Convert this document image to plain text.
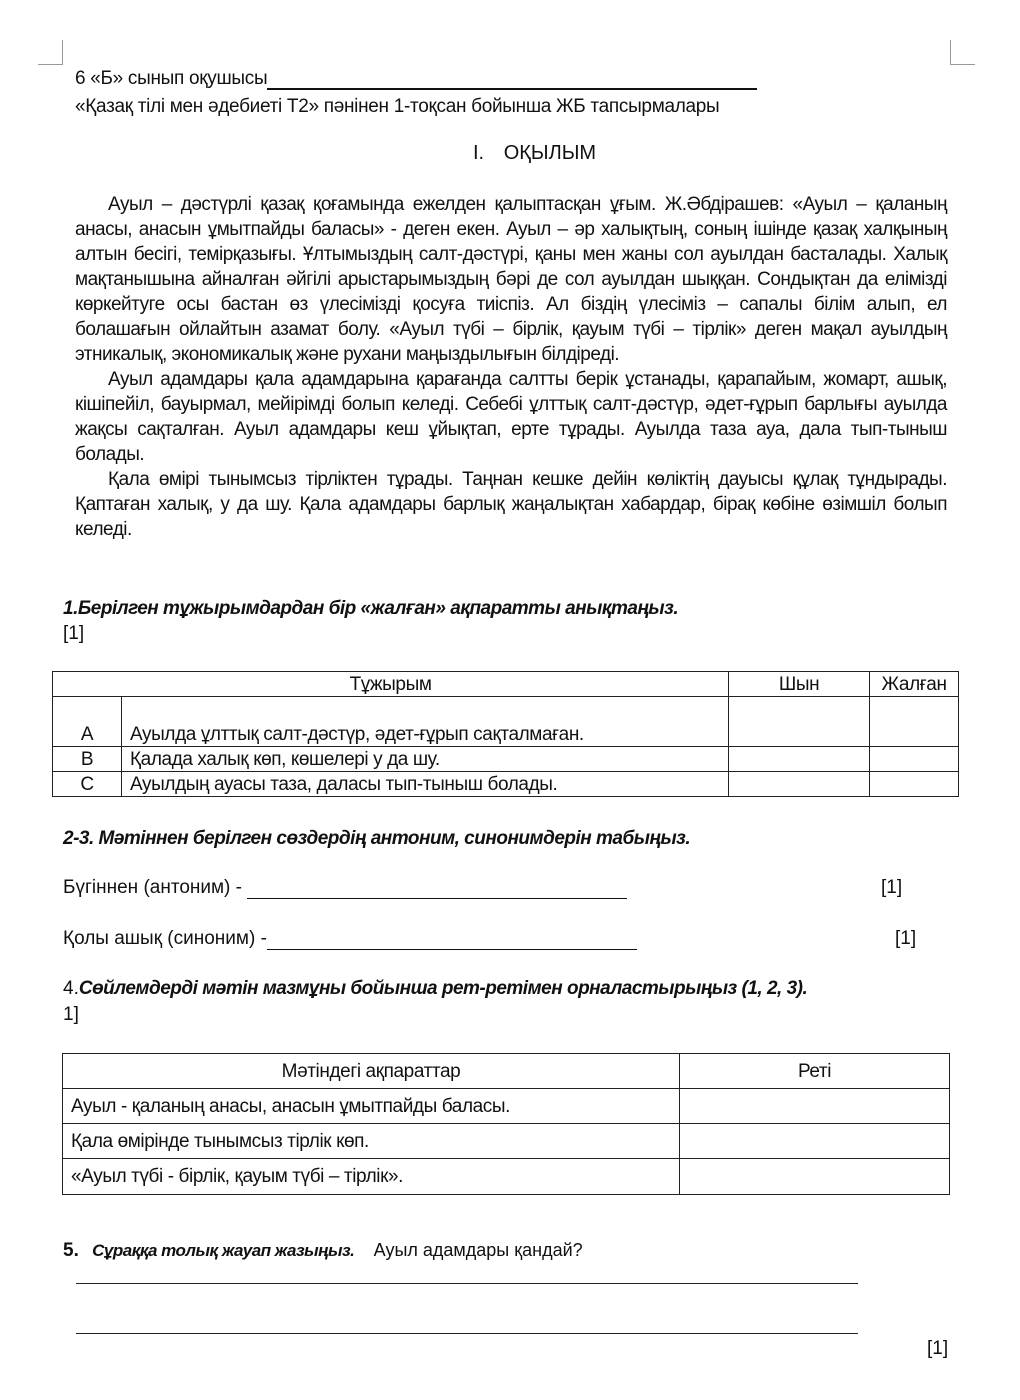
6 «Б» сынып оқушысы
«Қазақ тілі мен әдебиеті Т2» пәнінен 1-тоқсан бойынша ЖБ тапсырмалары
I. ОҚЫЛЫМ

Ауыл – дәстүрлі қазақ қоғамында ежелден қалыптасқан ұғым. Ж.Әбдірашев: «Ауыл – қаланың анасы, анасын ұмытпайды баласы» - деген екен. Ауыл – әр халықтың, соның ішінде қазақ халқының алтын бесігі, темірқазығы. Ұлтымыздың салт-дәстүрі, қаны мен жаны сол ауылдан басталады. Халық мақтанышына айналған әйгілі арыстарымыздың бәрі де сол ауылдан шыққан. Сондықтан да елімізді көркейтуге осы бастан өз үлесімізді қосуға тиіспіз. Ал біздің үлесіміз – сапалы білім алып, ел болашағын ойлайтын азамат болу. «Ауыл түбі – бірлік, қауым түбі – тірлік» деген мақал ауылдың этникалық, экономикалық және рухани маңыздылығын білдіреді.

Ауыл адамдары қала адамдарына қарағанда салтты берік ұстанады, қарапайым, жомарт, ашық, кішіпейіл, бауырмал, мейірімді болып келеді. Себебі ұлттық салт-дәстүр, әдет-ғұрып барлығы ауылда жақсы сақталған. Ауыл адамдары кеш ұйықтап, ерте тұрады. Ауылда таза ауа, дала тып-тыныш болады.

Қала өмірі тынымсыз тірліктен тұрады. Таңнан кешке дейін көліктің дауысы құлақ тұндырады. Қаптаған халық, у да шу. Қала адамдары барлық жаңалықтан хабардар, бірақ көбіне өзімшіл болып келеді.

1.Берілген тұжырымдардан бір «жалған» ақпаратты анықтаңыз.
[1]
Тұжырым		Шын	Жалған
A	Ауылда ұлттық салт-дәстүр, әдет-ғұрып сақталмаған.		
B	Қалада халық көп, көшелері у да шу.		
C	Ауылдың ауасы таза, даласы тып-тыныш болады.		
2-3. Мәтіннен берілген сөздердің антоним, синонимдерін табыңыз.
Бүгіннен (антоним) -	[1]
Қолы ашық (синоним) -	[1]
4.Сөйлемдерді мәтін мазмұны бойынша рет-ретімен орналастырыңыз (1, 2, 3).
1]
Мәтіндегі ақпараттар	Реті
Ауыл - қаланың анасы, анасын ұмытпайды баласы.	
Қала өмірінде тынымсыз тірлік көп.	
«Ауыл түбі - бірлік, қауым түбі – тірлік».	
5. Сұраққа толық жауап жазыңыз. Ауыл адамдары қандай?
[1]
